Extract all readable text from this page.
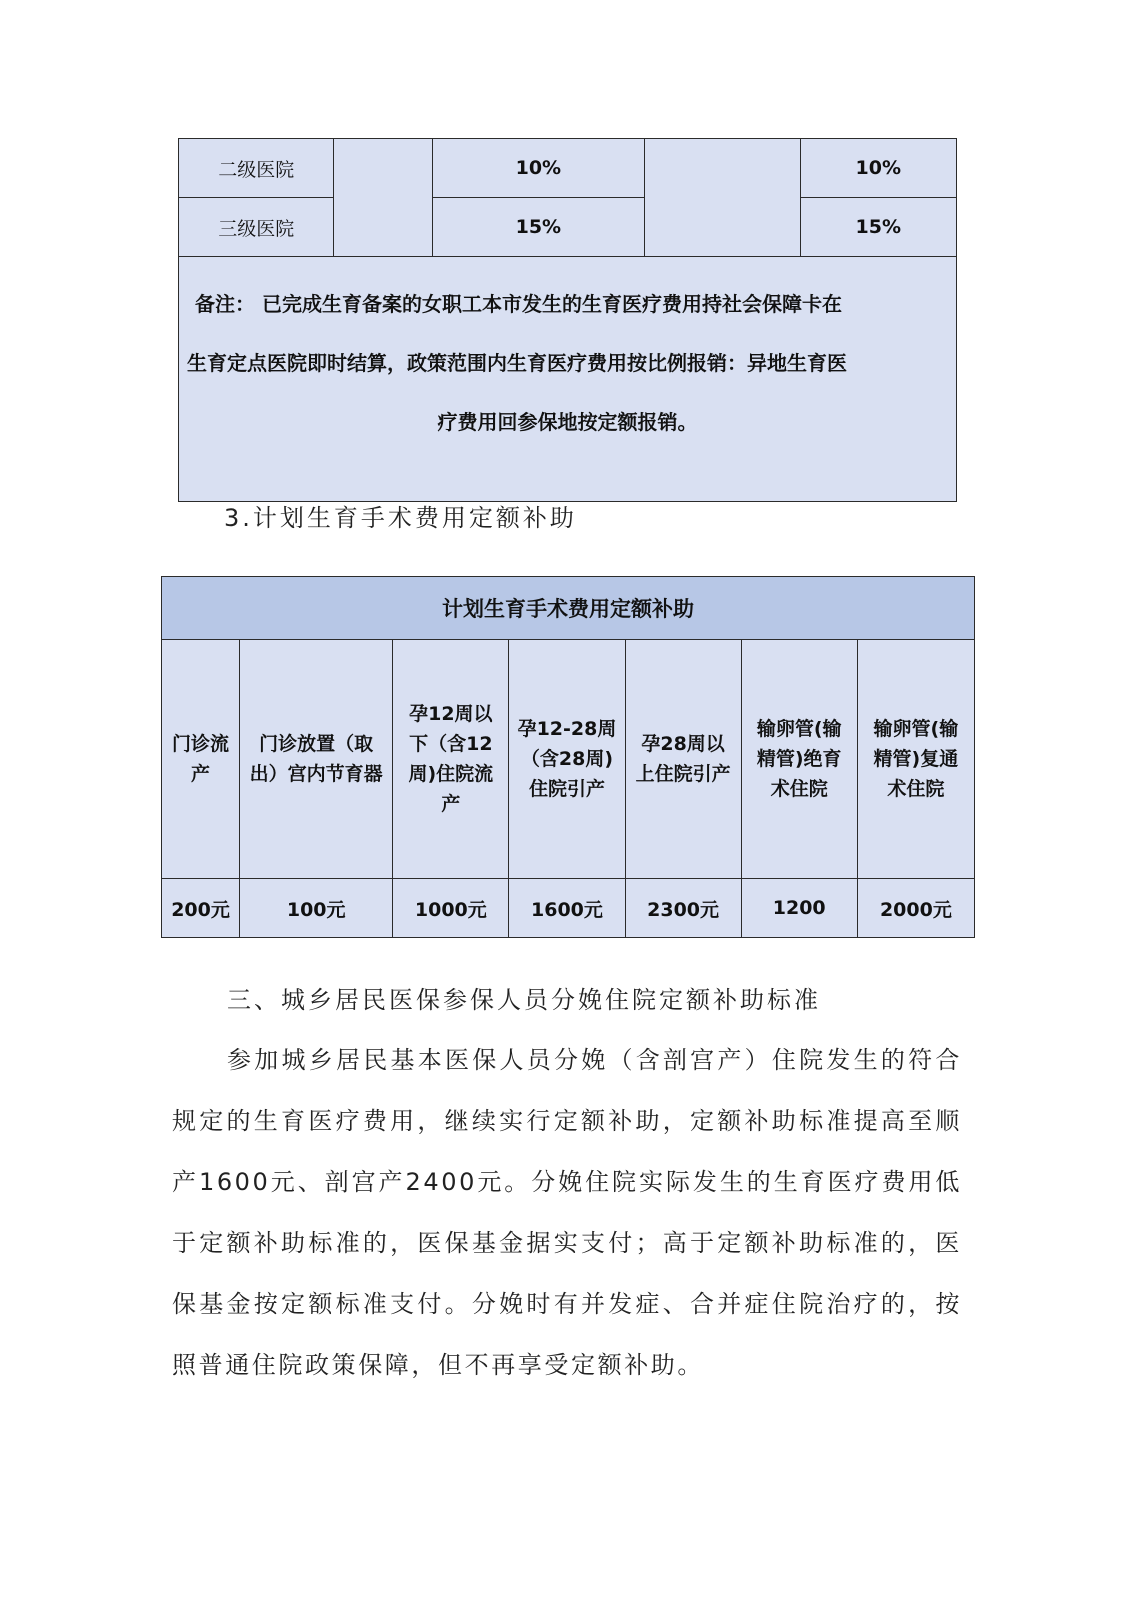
二级医院		10%		10%
三级医院		15%		15%

备注： 已完成生育备案的女职工本市发生的生育医疗费用持社会保障卡在
生育定点医院即时结算，政策范围内生育医疗费用按比例报销：异地生育医
疗费用回参保地按定额报销。				
3.计划生育手术费用定额补助
计划生育手术费用定额补助						
门诊流产	门诊放置（取出）宫内节育器	孕12周以下（含12周)住院流产	孕12-28周（含28周)住院引产	孕28周以上住院引产	输卵管(输精管)绝育术住院	输卵管(输精管)复通术住院
200元	100元	1000元	1600元	2300元	1200	2000元
三、城乡居民医保参保人员分娩住院定额补助标准
参加城乡居民基本医保人员分娩（含剖宫产）住院发生的符合规定的生育医疗费用，继续实行定额补助，定额补助标准提高至顺产1600元、剖宫产2400元。分娩住院实际发生的生育医疗费用低于定额补助标准的，医保基金据实支付；高于定额补助标准的，医保基金按定额标准支付。分娩时有并发症、合并症住院治疗的，按照普通住院政策保障，但不再享受定额补助。
